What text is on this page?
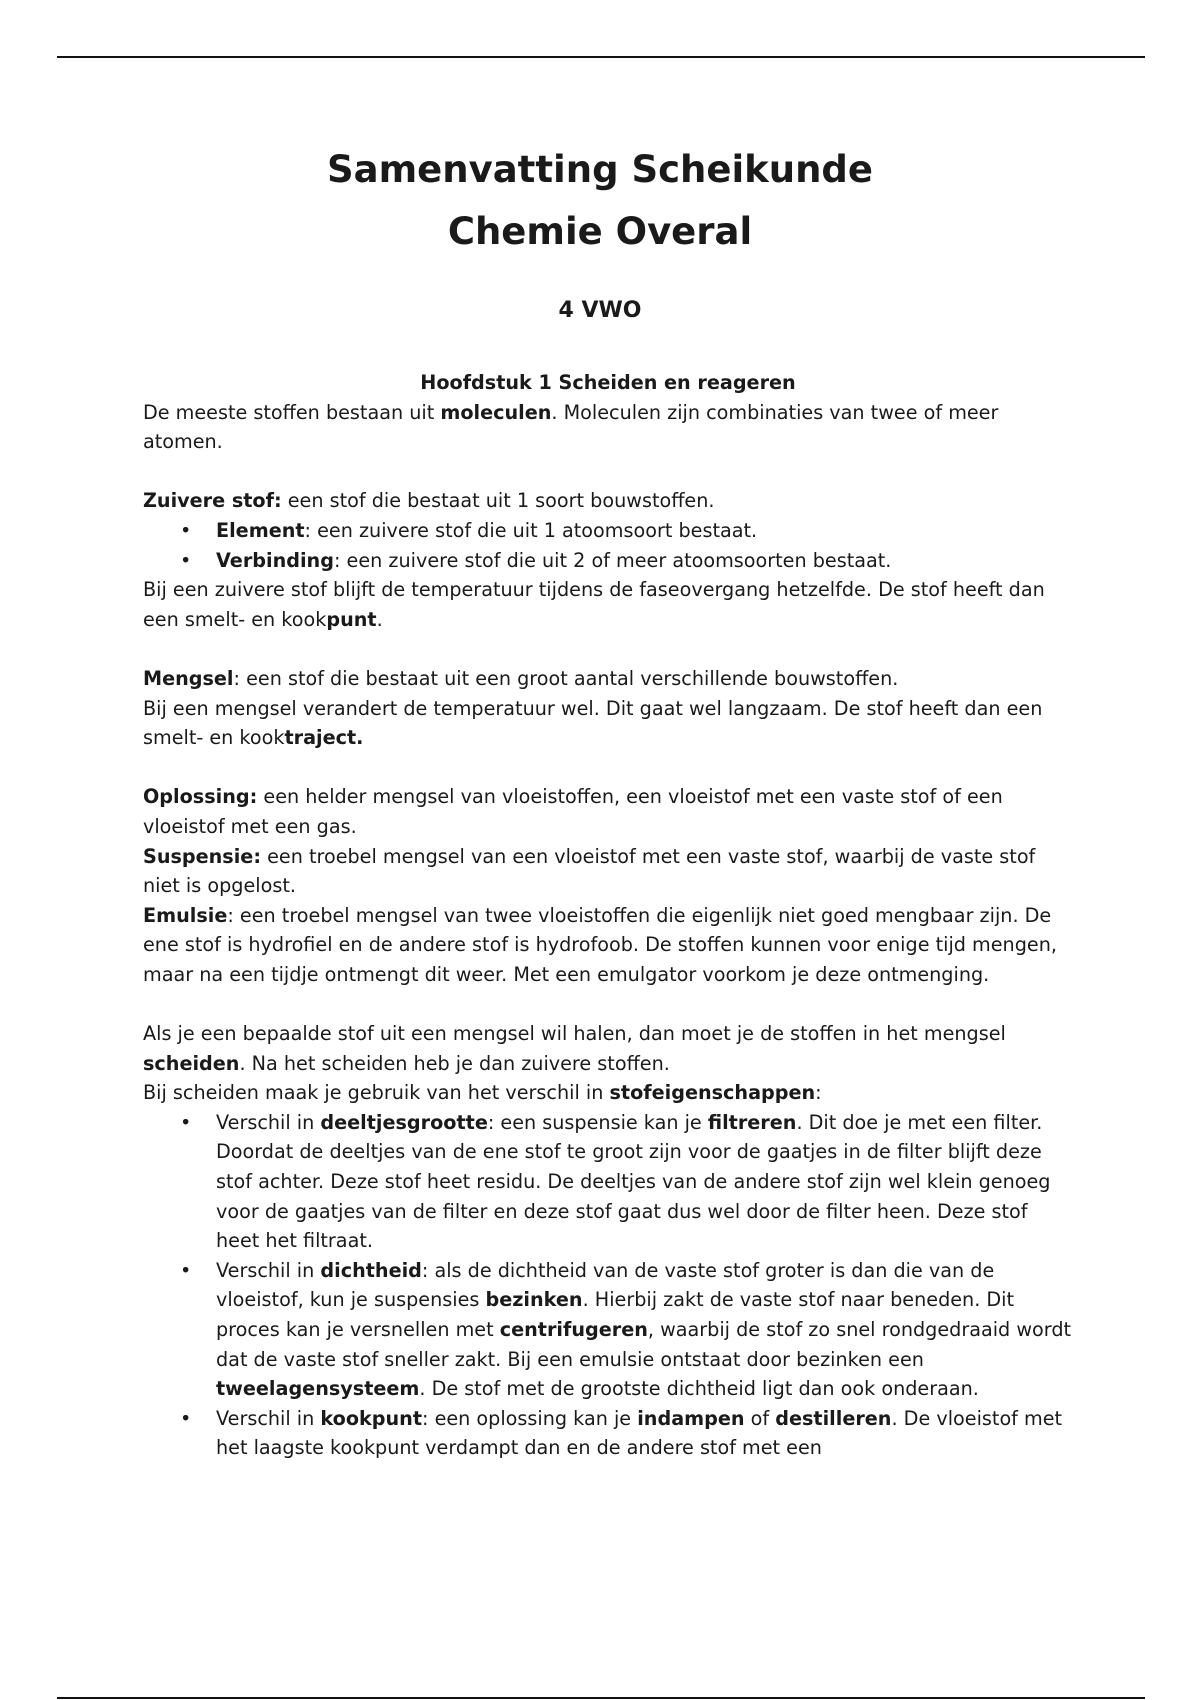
Samenvatting Scheikunde
Chemie Overal
4 VWO
Hoofdstuk 1 Scheiden en reageren

De meeste stoffen bestaan uit moleculen. Moleculen zijn combinaties van twee of meer atomen.

Zuivere stof: een stof die bestaat uit 1 soort bouwstoffen.

• Element: een zuivere stof die uit 1 atoomsoort bestaat.
• Verbinding: een zuivere stof die uit 2 of meer atoomsoorten bestaat.

Bij een zuivere stof blijft de temperatuur tijdens de faseovergang hetzelfde. De stof heeft dan een smelt- en kookpunt.

Mengsel: een stof die bestaat uit een groot aantal verschillende bouwstoffen.

Bij een mengsel verandert de temperatuur wel. Dit gaat wel langzaam. De stof heeft dan een smelt- en kooktraject.

Oplossing: een helder mengsel van vloeistoffen, een vloeistof met een vaste stof of een vloeistof met een gas.

Suspensie: een troebel mengsel van een vloeistof met een vaste stof, waarbij de vaste stof niet is opgelost.

Emulsie: een troebel mengsel van twee vloeistoffen die eigenlijk niet goed mengbaar zijn. De ene stof is hydrofiel en de andere stof is hydrofoob. De stoffen kunnen voor enige tijd mengen, maar na een tijdje ontmengt dit weer. Met een emulgator voorkom je deze ontmenging.

Als je een bepaalde stof uit een mengsel wil halen, dan moet je de stoffen in het mengsel scheiden. Na het scheiden heb je dan zuivere stoffen.

Bij scheiden maak je gebruik van het verschil in stofeigenschappen:

• Verschil in deeltjesgrootte: een suspensie kan je filtreren. Dit doe je met een filter. Doordat de deeltjes van de ene stof te groot zijn voor de gaatjes in de filter blijft deze stof achter. Deze stof heet residu. De deeltjes van de andere stof zijn wel klein genoeg voor de gaatjes van de filter en deze stof gaat dus wel door de filter heen. Deze stof heet het filtraat.
• Verschil in dichtheid: als de dichtheid van de vaste stof groter is dan die van de vloeistof, kun je suspensies bezinken. Hierbij zakt de vaste stof naar beneden. Dit proces kan je versnellen met centrifugeren, waarbij de stof zo snel rondgedraaid wordt dat de vaste stof sneller zakt. Bij een emulsie ontstaat door bezinken een tweelagensysteem. De stof met de grootste dichtheid ligt dan ook onderaan.
• Verschil in kookpunt: een oplossing kan je indampen of destilleren. De vloeistof met het laagste kookpunt verdampt dan en de andere stof met een
